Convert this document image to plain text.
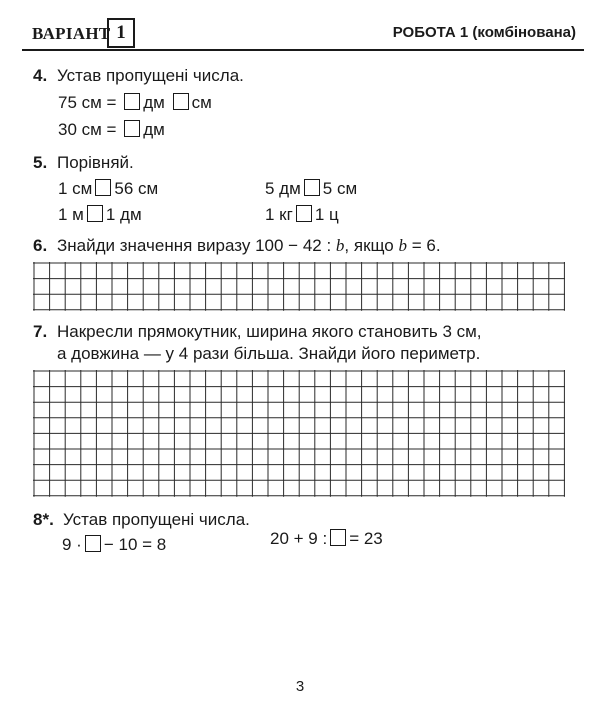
ВАРІАНТ 1	РОБОТА 1 (комбінована)
4. Устав пропущені числа.
75 см = дм см
30 см = дм
5. Порівняй.
1 см 56 см	5 дм 5 см
1 м 1 дм	1 кг 1 ц
6. Знайди значення виразу 100 − 42 : b, якщо b = 6.
7. Накресли прямокутник, ширина якого становить 3 см,
а довжина — у 4 рази більша. Знайди його периметр.
8*. Устав пропущені числа.
9 · − 10 = 8	20 + 9 : = 23
3
